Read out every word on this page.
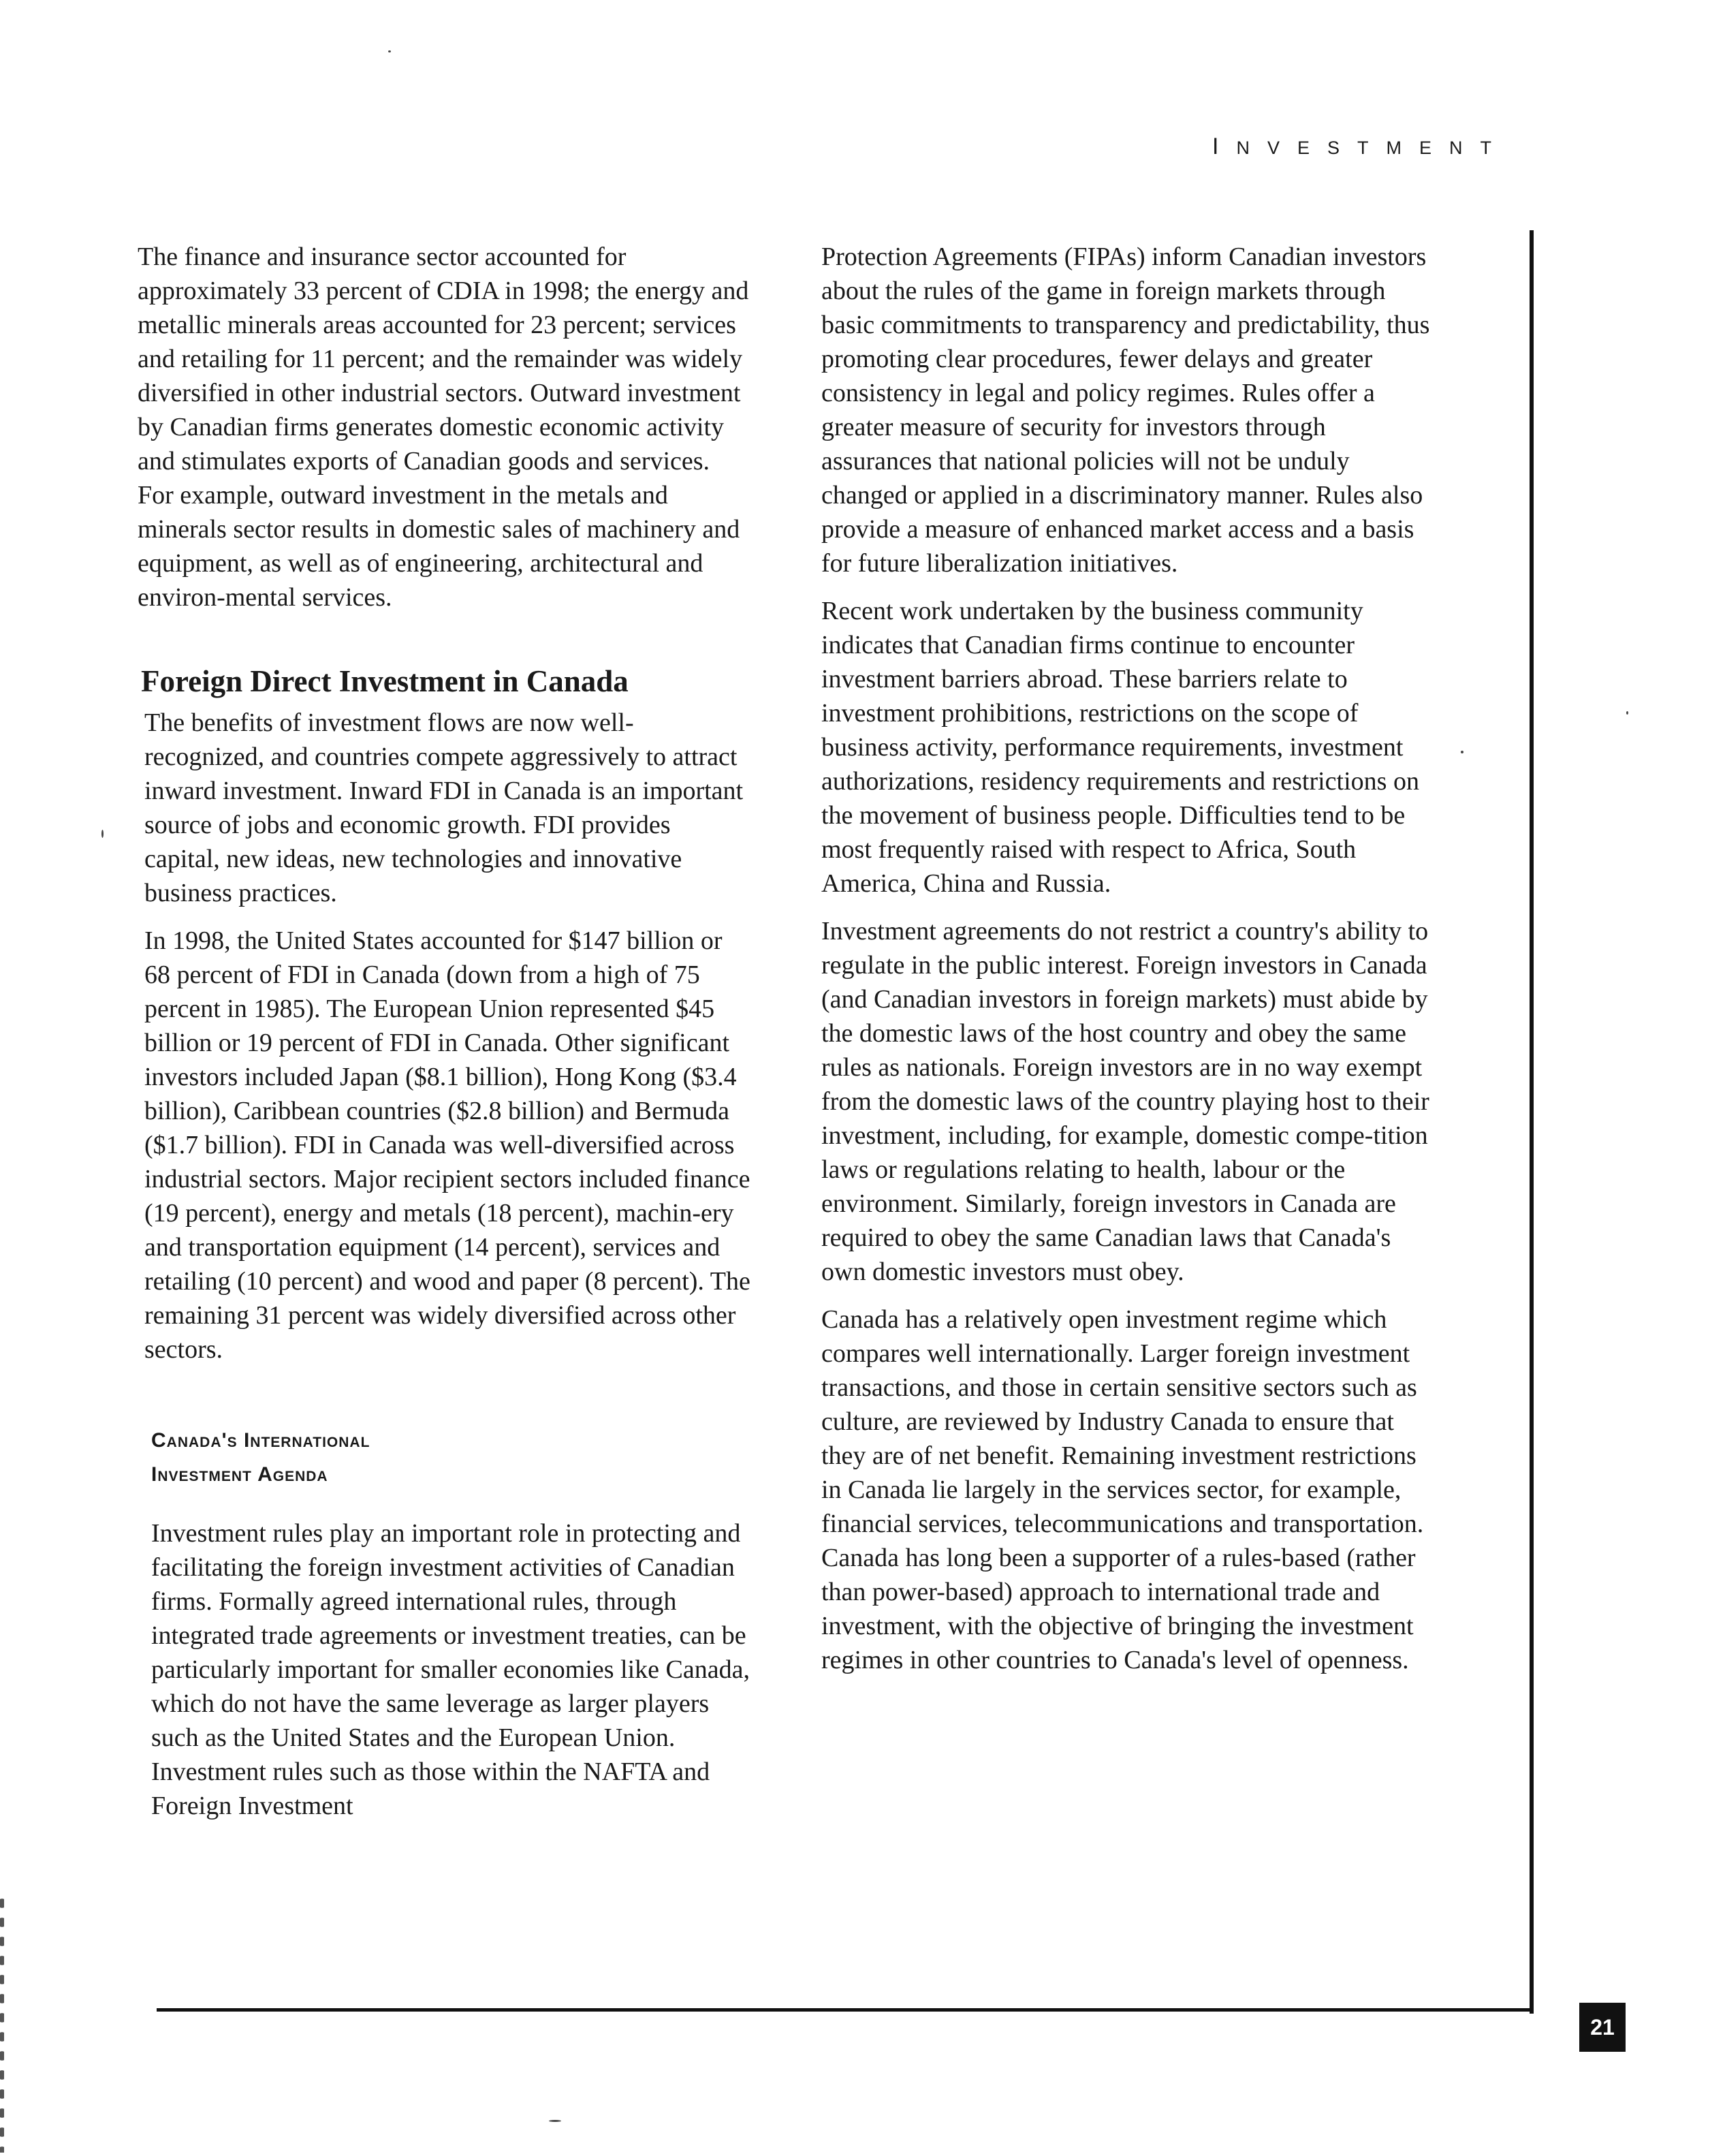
INVESTMENT

The finance and insurance sector accounted for approximately 33 percent of CDIA in 1998; the energy and metallic minerals areas accounted for 23 percent; services and retailing for 11 percent; and the remainder was widely diversified in other industrial sectors. Outward investment by Canadian firms generates domestic economic activity and stimulates exports of Canadian goods and services. For example, outward investment in the metals and minerals sector results in domestic sales of machinery and equipment, as well as of engineering, architectural and environ-mental services.

Foreign Direct Investment in Canada

The benefits of investment flows are now well-recognized, and countries compete aggressively to attract inward investment. Inward FDI in Canada is an important source of jobs and economic growth. FDI provides capital, new ideas, new technologies and innovative business practices.

In 1998, the United States accounted for $147 billion or 68 percent of FDI in Canada (down from a high of 75 percent in 1985). The European Union represented $45 billion or 19 percent of FDI in Canada. Other significant investors included Japan ($8.1 billion), Hong Kong ($3.4 billion), Caribbean countries ($2.8 billion) and Bermuda ($1.7 billion). FDI in Canada was well-diversified across industrial sectors. Major recipient sectors included finance (19 percent), energy and metals (18 percent), machin-ery and transportation equipment (14 percent), services and retailing (10 percent) and wood and paper (8 percent). The remaining 31 percent was widely diversified across other sectors.

Canada's International
Investment Agenda

Investment rules play an important role in protecting and facilitating the foreign investment activities of Canadian firms. Formally agreed international rules, through integrated trade agreements or investment treaties, can be particularly important for smaller economies like Canada, which do not have the same leverage as larger players such as the United States and the European Union. Investment rules such as those within the NAFTA and Foreign Investment

Protection Agreements (FIPAs) inform Canadian investors about the rules of the game in foreign markets through basic commitments to transparency and predictability, thus promoting clear procedures, fewer delays and greater consistency in legal and policy regimes. Rules offer a greater measure of security for investors through assurances that national policies will not be unduly changed or applied in a discriminatory manner. Rules also provide a measure of enhanced market access and a basis for future liberalization initiatives.

Recent work undertaken by the business community indicates that Canadian firms continue to encounter investment barriers abroad. These barriers relate to investment prohibitions, restrictions on the scope of business activity, performance requirements, investment authorizations, residency requirements and restrictions on the movement of business people. Difficulties tend to be most frequently raised with respect to Africa, South America, China and Russia.

Investment agreements do not restrict a country's ability to regulate in the public interest. Foreign investors in Canada (and Canadian investors in foreign markets) must abide by the domestic laws of the host country and obey the same rules as nationals. Foreign investors are in no way exempt from the domestic laws of the country playing host to their investment, including, for example, domestic compe-tition laws or regulations relating to health, labour or the environment. Similarly, foreign investors in Canada are required to obey the same Canadian laws that Canada's own domestic investors must obey.

Canada has a relatively open investment regime which compares well internationally. Larger foreign investment transactions, and those in certain sensitive sectors such as culture, are reviewed by Industry Canada to ensure that they are of net benefit. Remaining investment restrictions in Canada lie largely in the services sector, for example, financial services, telecommunications and transportation. Canada has long been a supporter of a rules-based (rather than power-based) approach to international trade and investment, with the objective of bringing the investment regimes in other countries to Canada's level of openness.

21
